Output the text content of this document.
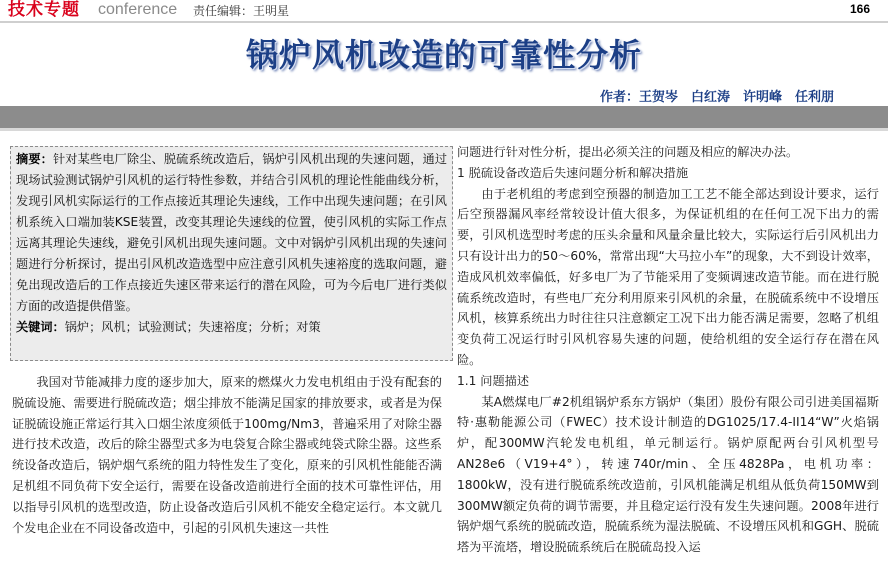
技术专题 conference 责任编辑：王明星	166
锅炉风机改造的可靠性分析
作者：王贺岑　白红涛　许明峰　任利朋

摘要：针对某些电厂除尘、脱硫系统改造后，锅炉引风机出现的失速问题，通过现场试验测试锅炉引风机的运行特性参数，并结合引风机的理论性能曲线分析，发现引风机实际运行的工作点接近其理论失速线，工作中出现失速问题；在引风机系统入口端加装KSE装置，改变其理论失速线的位置，使引风机的实际工作点远离其理论失速线，避免引风机出现失速问题。文中对锅炉引风机出现的失速问题进行分析探讨，提出引风机改造选型中应注意引风机失速裕度的选取问题，避免出现改造后的工作点接近失速区带来运行的潜在风险，可为今后电厂进行类似方面的改造提供借鉴。

关键词：锅炉；风机；试验测试；失速裕度；分析；对策

我国对节能减排力度的逐步加大，原来的燃煤火力发电机组由于没有配套的脱硫设施、需要进行脱硫改造；烟尘排放不能满足国家的排放要求，或者是为保证脱硫设施正常运行其入口烟尘浓度须低于100mg/Nm3，普遍采用了对除尘器进行技术改造，改后的除尘器型式多为电袋复合除尘器或纯袋式除尘器。这些系统设备改造后，锅炉烟气系统的阻力特性发生了变化，原来的引风机性能能否满足机组不同负荷下安全运行，需要在设备改造前进行全面的技术可靠性评估，用以指导引风机的选型改造，防止设备改造后引风机不能安全稳定运行。本文就几个发电企业在不同设备改造中，引起的引风机失速这一共性

问题进行针对性分析，提出必须关注的问题及相应的解决办法。

1 脱硫设备改造后失速问题分析和解决措施

由于老机组的考虑到空预器的制造加工工艺不能全部达到设计要求，运行后空预器漏风率经常较设计值大很多，为保证机组的在任何工况下出力的需要，引风机选型时考虑的压头余量和风量余量比较大，实际运行后引风机出力只有设计出力的50～60%，常常出现“大马拉小车”的现象，大不到设计效率，造成风机效率偏低，好多电厂为了节能采用了变频调速改造节能。而在进行脱硫系统改造时，有些电厂充分利用原来引风机的余量，在脱硫系统中不设增压风机，核算系统出力时往往只注意额定工况下出力能否满足需要，忽略了机组变负荷工况运行时引风机容易失速的问题，使给机组的安全运行存在潜在风险。

1.1 问题描述

某A燃煤电厂#2机组锅炉系东方锅炉（集团）股份有限公司引进美国福斯特·惠勒能源公司（FWEC）技术设计制造的DG1025/17.4-II14“W”火焰锅炉，配300MW汽轮发电机组，单元制运行。锅炉原配两台引风机型号AN28e6（V19+4°），转速740r/min、全压4828Pa，电机功率：1800kW，没有进行脱硫系统改造前，引风机能满足机组从低负荷150MW到300MW额定负荷的调节需要，并且稳定运行没有发生失速问题。2008年进行锅炉烟气系统的脱硫改造，脱硫系统为湿法脱硫、不设增压风机和GGH、脱硫塔为平流塔，增设脱硫系统后在脱硫岛投入运
